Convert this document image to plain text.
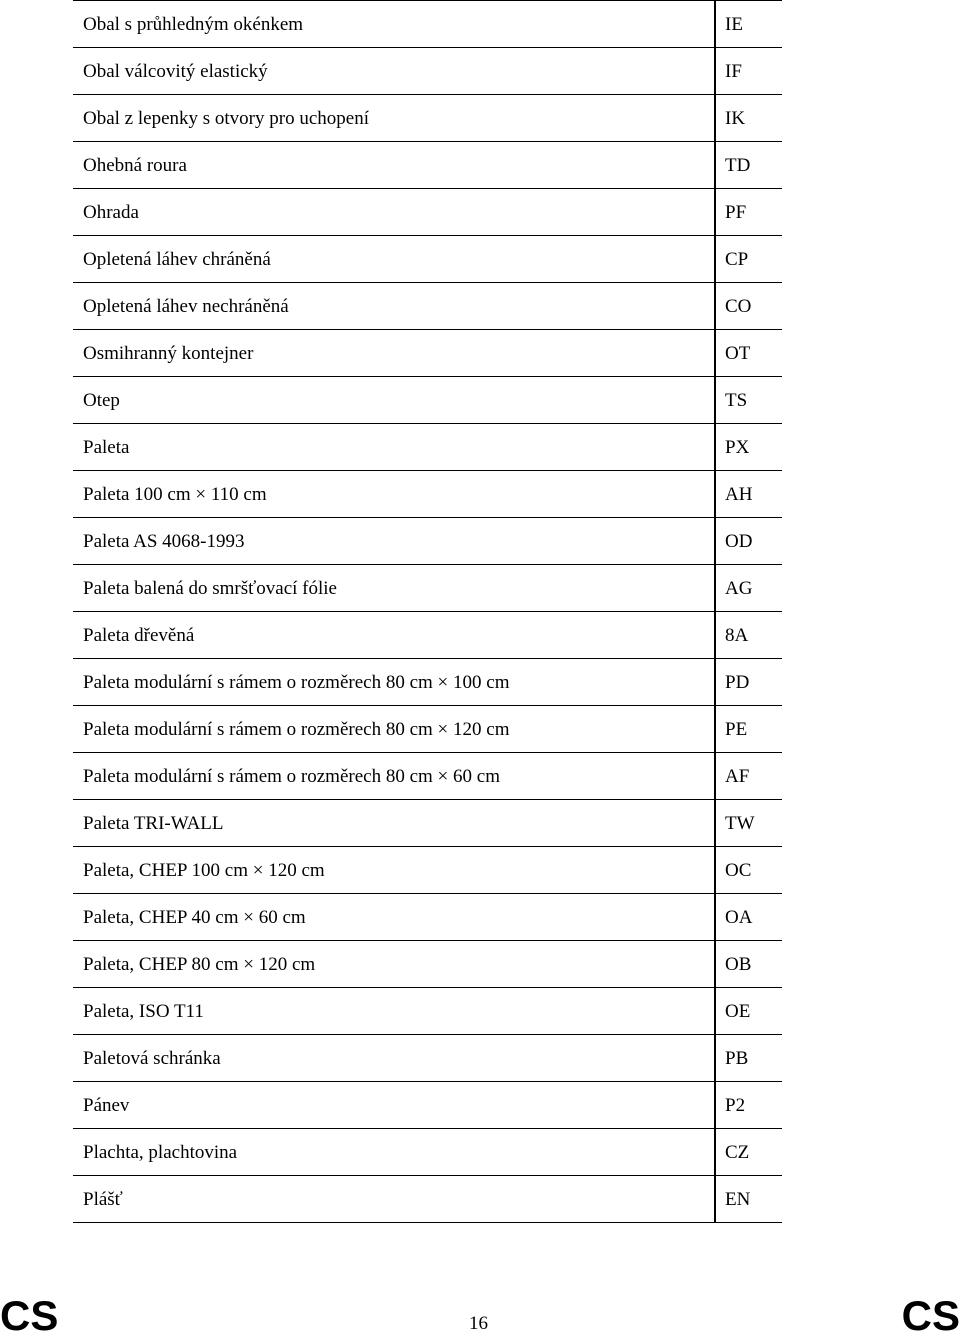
Obal s průhledným okénkem	IE
Obal válcovitý elastický	IF
Obal z lepenky s otvory pro uchopení	IK
Ohebná roura	TD
Ohrada	PF
Opletená láhev chráněná	CP
Opletená láhev nechráněná	CO
Osmihranný kontejner	OT
Otep	TS
Paleta	PX
Paleta 100 cm × 110 cm	AH
Paleta AS 4068-1993	OD
Paleta balená do smršťovací fólie	AG
Paleta dřevěná	8A
Paleta modulární s rámem o rozměrech 80 cm × 100 cm	PD
Paleta modulární s rámem o rozměrech 80 cm × 120 cm	PE
Paleta modulární s rámem o rozměrech 80 cm × 60 cm	AF
Paleta TRI-WALL	TW
Paleta, CHEP 100 cm × 120 cm	OC
Paleta, CHEP 40 cm × 60 cm	OA
Paleta, CHEP 80 cm × 120 cm	OB
Paleta, ISO T11	OE
Paletová schránka	PB
Pánev	P2
Plachta, plachtovina	CZ
Plášť	EN
CS	16	CS
